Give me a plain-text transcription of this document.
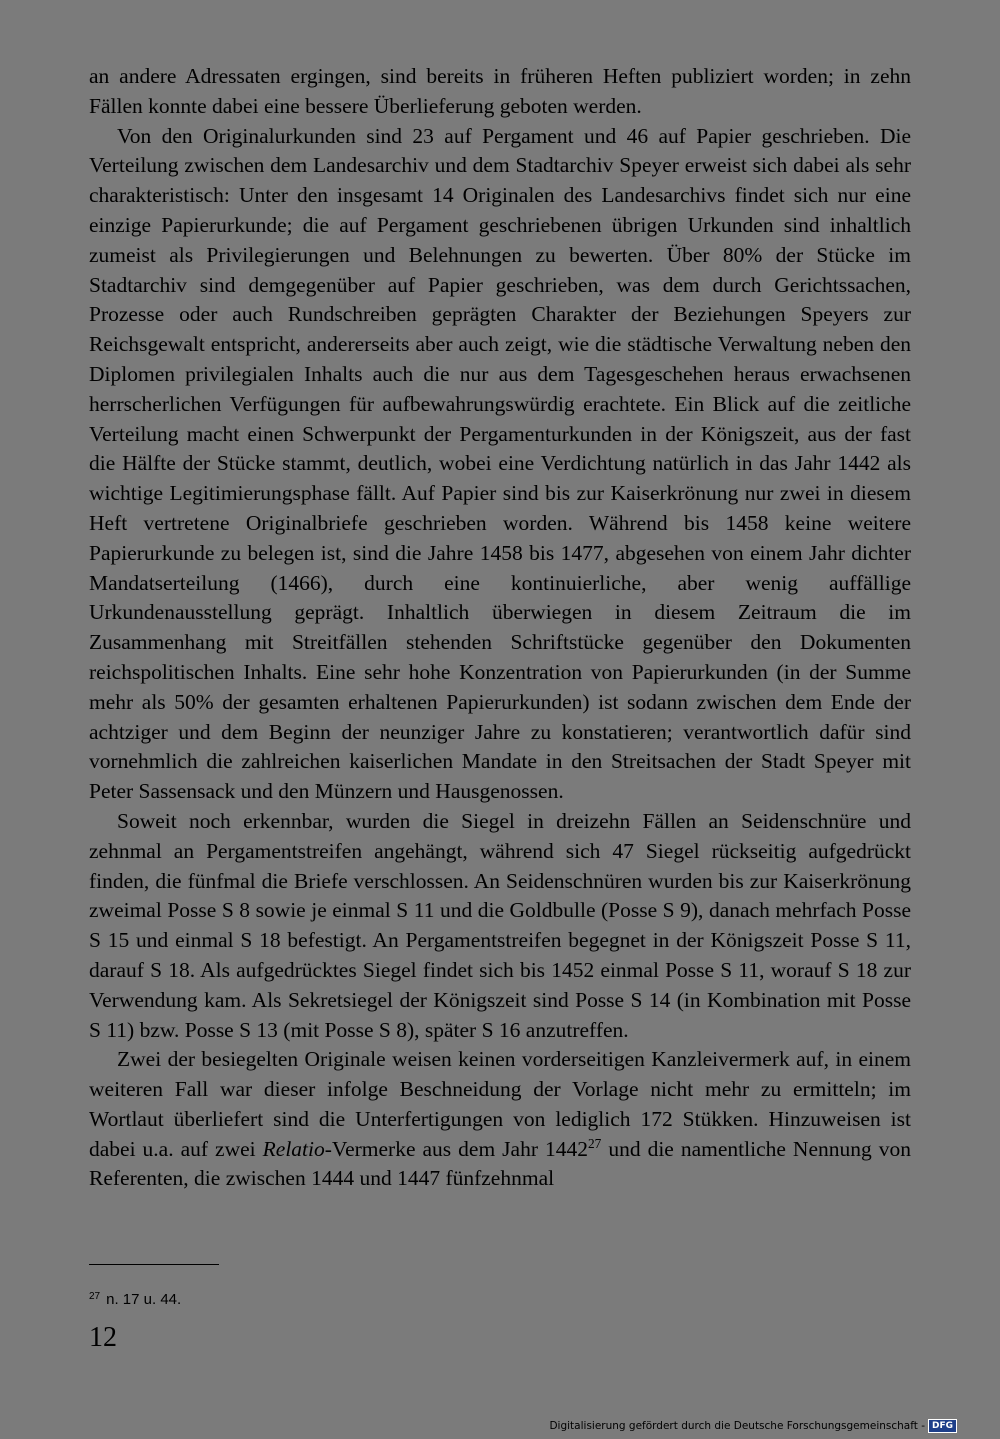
an andere Adressaten ergingen, sind bereits in früheren Heften publiziert worden; in zehn Fällen konnte dabei eine bessere Überlieferung geboten werden.

Von den Originalurkunden sind 23 auf Pergament und 46 auf Papier geschrieben. Die Verteilung zwischen dem Landesarchiv und dem Stadtarchiv Speyer erweist sich dabei als sehr charakteristisch: Unter den insgesamt 14 Originalen des Landesarchivs findet sich nur eine einzige Papierurkunde; die auf Pergament geschriebenen übrigen Urkunden sind inhaltlich zumeist als Privilegierungen und Belehnungen zu bewerten. Über 80% der Stücke im Stadtarchiv sind demgegenüber auf Papier geschrieben, was dem durch Gerichtssachen, Prozesse oder auch Rundschreiben geprägten Charakter der Beziehungen Speyers zur Reichsgewalt entspricht, andererseits aber auch zeigt, wie die städtische Verwaltung neben den Diplomen privilegialen Inhalts auch die nur aus dem Tagesgeschehen heraus erwachsenen herrscherlichen Verfügungen für aufbewahrungswürdig erachtete. Ein Blick auf die zeitliche Verteilung macht einen Schwerpunkt der Pergamenturkunden in der Königszeit, aus der fast die Hälfte der Stücke stammt, deutlich, wobei eine Verdichtung natürlich in das Jahr 1442 als wichtige Legitimierungsphase fällt. Auf Papier sind bis zur Kaiserkrönung nur zwei in diesem Heft vertretene Originalbriefe geschrieben worden. Während bis 1458 keine weitere Papierurkunde zu belegen ist, sind die Jahre 1458 bis 1477, abgesehen von einem Jahr dichter Mandatserteilung (1466), durch eine kontinuierliche, aber wenig auffällige Urkundenausstellung geprägt. Inhaltlich überwiegen in diesem Zeitraum die im Zusammenhang mit Streitfällen stehenden Schriftstücke gegenüber den Dokumenten reichspolitischen Inhalts. Eine sehr hohe Konzentration von Papierurkunden (in der Summe mehr als 50% der gesamten erhaltenen Papierurkunden) ist sodann zwischen dem Ende der achtziger und dem Beginn der neunziger Jahre zu konstatieren; verantwortlich dafür sind vornehmlich die zahlreichen kaiserlichen Mandate in den Streitsachen der Stadt Speyer mit Peter Sassensack und den Münzern und Hausgenossen.

Soweit noch erkennbar, wurden die Siegel in dreizehn Fällen an Seidenschnüre und zehnmal an Pergamentstreifen angehängt, während sich 47 Siegel rückseitig aufgedrückt finden, die fünfmal die Briefe verschlossen. An Seidenschnüren wurden bis zur Kaiserkrönung zweimal Posse S 8 sowie je einmal S 11 und die Goldbulle (Posse S 9), danach mehrfach Posse S 15 und einmal S 18 befestigt. An Pergamentstreifen begegnet in der Königszeit Posse S 11, darauf S 18. Als aufgedrücktes Siegel findet sich bis 1452 einmal Posse S 11, worauf S 18 zur Verwendung kam. Als Sekretsiegel der Königszeit sind Posse S 14 (in Kombination mit Posse S 11) bzw. Posse S 13 (mit Posse S 8), später S 16 anzutreffen.

Zwei der besiegelten Originale weisen keinen vorderseitigen Kanzleivermerk auf, in einem weiteren Fall war dieser infolge Beschneidung der Vorlage nicht mehr zu ermitteln; im Wortlaut überliefert sind die Unterfertigungen von lediglich 172 Stükken. Hinzuweisen ist dabei u.a. auf zwei Relatio-Vermerke aus dem Jahr 1442$^{27}$ und die namentliche Nennung von Referenten, die zwischen 1444 und 1447 fünfzehnmal

$^{27}$ n. 17 u. 44.
12
Digitalisierung gefördert durch die Deutsche Forschungsgemeinschaft - DFG
